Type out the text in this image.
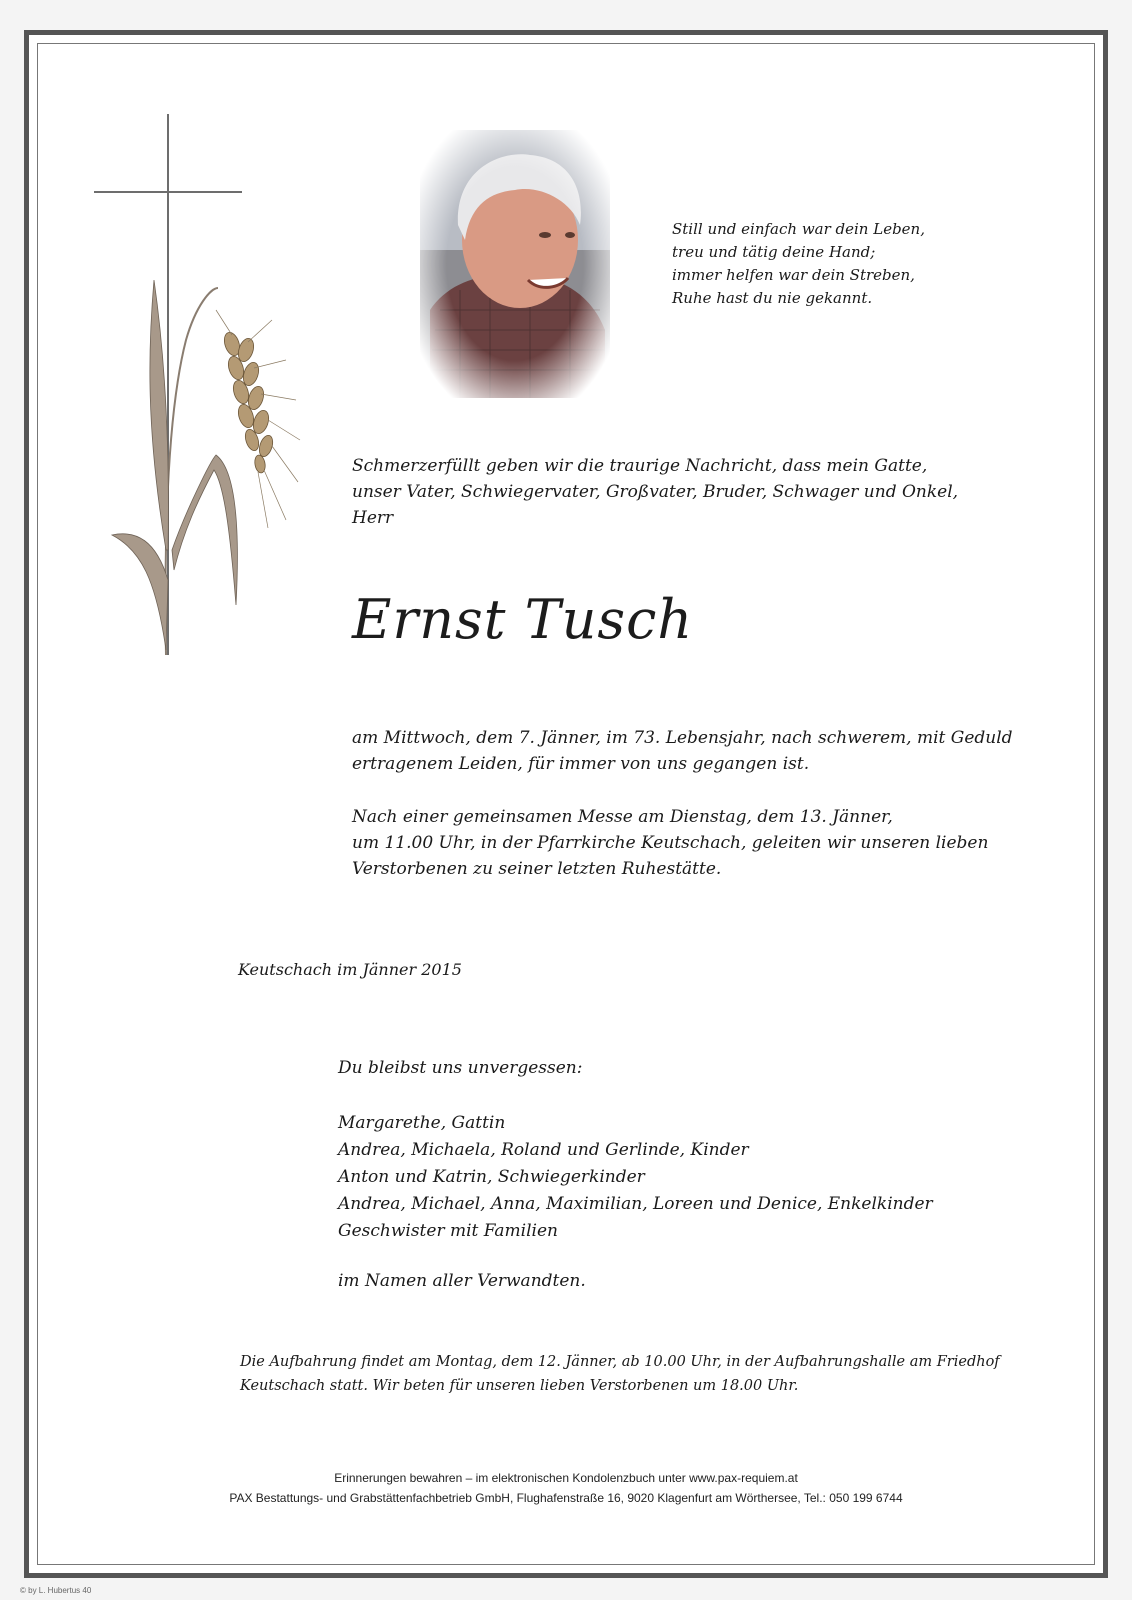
Still und einfach war dein Leben,
treu und tätig deine Hand;
immer helfen war dein Streben,
Ruhe hast du nie gekannt.
Schmerzerfüllt geben wir die traurige Nachricht, dass mein Gatte,
unser Vater, Schwiegervater, Großvater, Bruder, Schwager und Onkel,
Herr
Ernst Tusch
am Mittwoch, dem 7. Jänner, im 73. Lebensjahr, nach schwerem, mit Geduld
ertragenem Leiden, für immer von uns gegangen ist.
Nach einer gemeinsamen Messe am Dienstag, dem 13. Jänner,
um 11.00 Uhr, in der Pfarrkirche Keutschach, geleiten wir unseren lieben
Verstorbenen zu seiner letzten Ruhestätte.
Keutschach im Jänner 2015
Du bleibst uns unvergessen:
Margarethe, Gattin
Andrea, Michaela, Roland und Gerlinde, Kinder
Anton und Katrin, Schwiegerkinder
Andrea, Michael, Anna, Maximilian, Loreen und Denice, Enkelkinder
Geschwister mit Familien
im Namen aller Verwandten.
Die Aufbahrung findet am Montag, dem 12. Jänner, ab 10.00 Uhr, in der Aufbahrungshalle am Friedhof
Keutschach statt. Wir beten für unseren lieben Verstorbenen um 18.00 Uhr.
Erinnerungen bewahren – im elektronischen Kondolenzbuch unter www.pax-requiem.at
PAX Bestattungs- und Grabstättenfachbetrieb GmbH, Flughafenstraße 16, 9020 Klagenfurt am Wörthersee, Tel.: 050 199 6744
© by L. Hubertus 40
